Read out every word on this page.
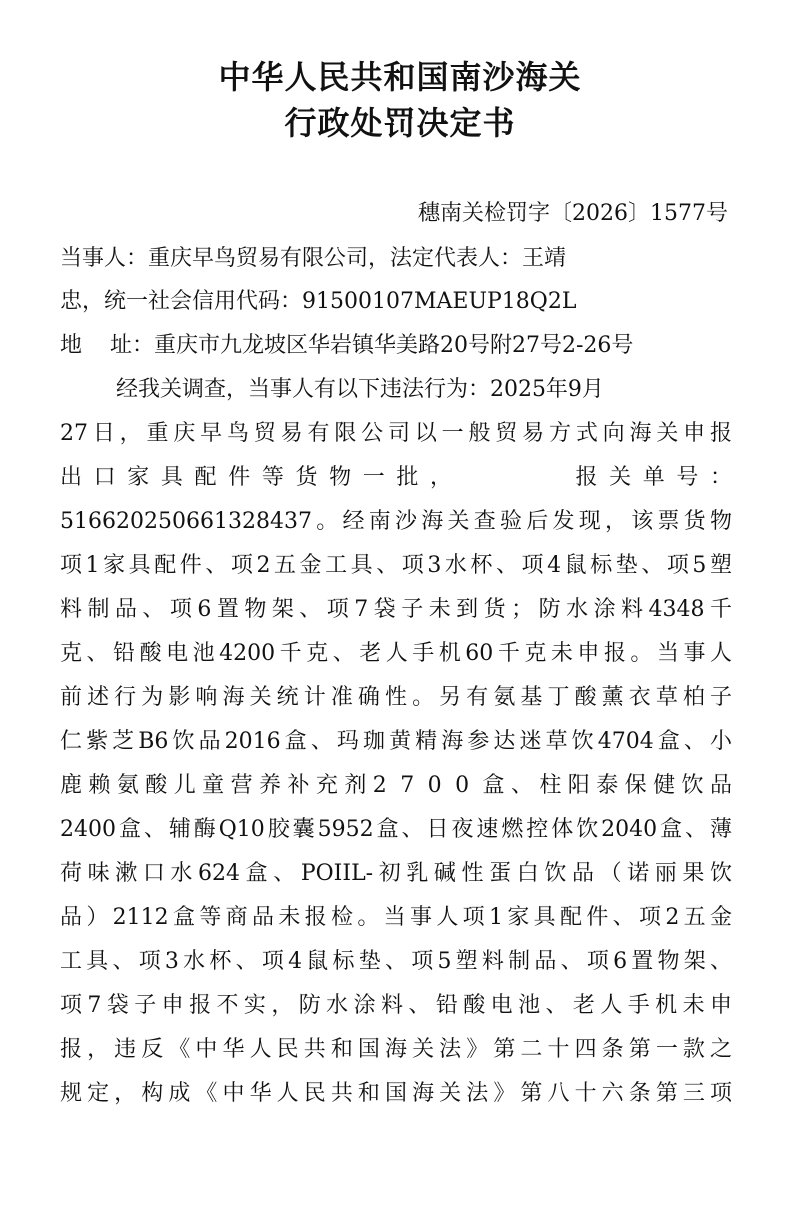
中华人民共和国南沙海关
行政处罚决定书
穗南关检罚字〔2026〕1577号
当事人：重庆早鸟贸易有限公司，法定代表人：王靖
忠，统一社会信用代码：91500107MAEUP18Q2L
地    址：重庆市九龙坡区华岩镇华美路20号附27号2-26号
经我关调查，当事人有以下违法行为：2025年9月
27日，重庆早鸟贸易有限公司以一般贸易方式向海关申报
出口家具配件等货物一批，      报关单号：
516620250661328437。经南沙海关查验后发现，该票货物
项1家具配件、项2五金工具、项3水杯、项4鼠标垫、项5塑
料制品、项6置物架、项7袋子未到货；防水涂料4348千
克、铅酸电池4200千克、老人手机60千克未申报。当事人
前述行为影响海关统计准确性。另有氨基丁酸薰衣草柏子
仁紫芝B6饮品2016盒、玛珈黄精海参达迷草饮4704盒、小
鹿赖氨酸儿童营养补充剂2 7 0 0 盒、柱阳泰保健饮品
2400盒、辅酶Q10胶囊5952盒、日夜速燃控体饮2040盒、薄
荷味漱口水624盒、POIIL-初乳碱性蛋白饮品（诺丽果饮
品）2112盒等商品未报检。当事人项1家具配件、项2五金
工具、项3水杯、项4鼠标垫、项5塑料制品、项6置物架、
项7袋子申报不实，防水涂料、铅酸电池、老人手机未申
报，违反《中华人民共和国海关法》第二十四条第一款之
规定，构成《中华人民共和国海关法》第八十六条第三项
